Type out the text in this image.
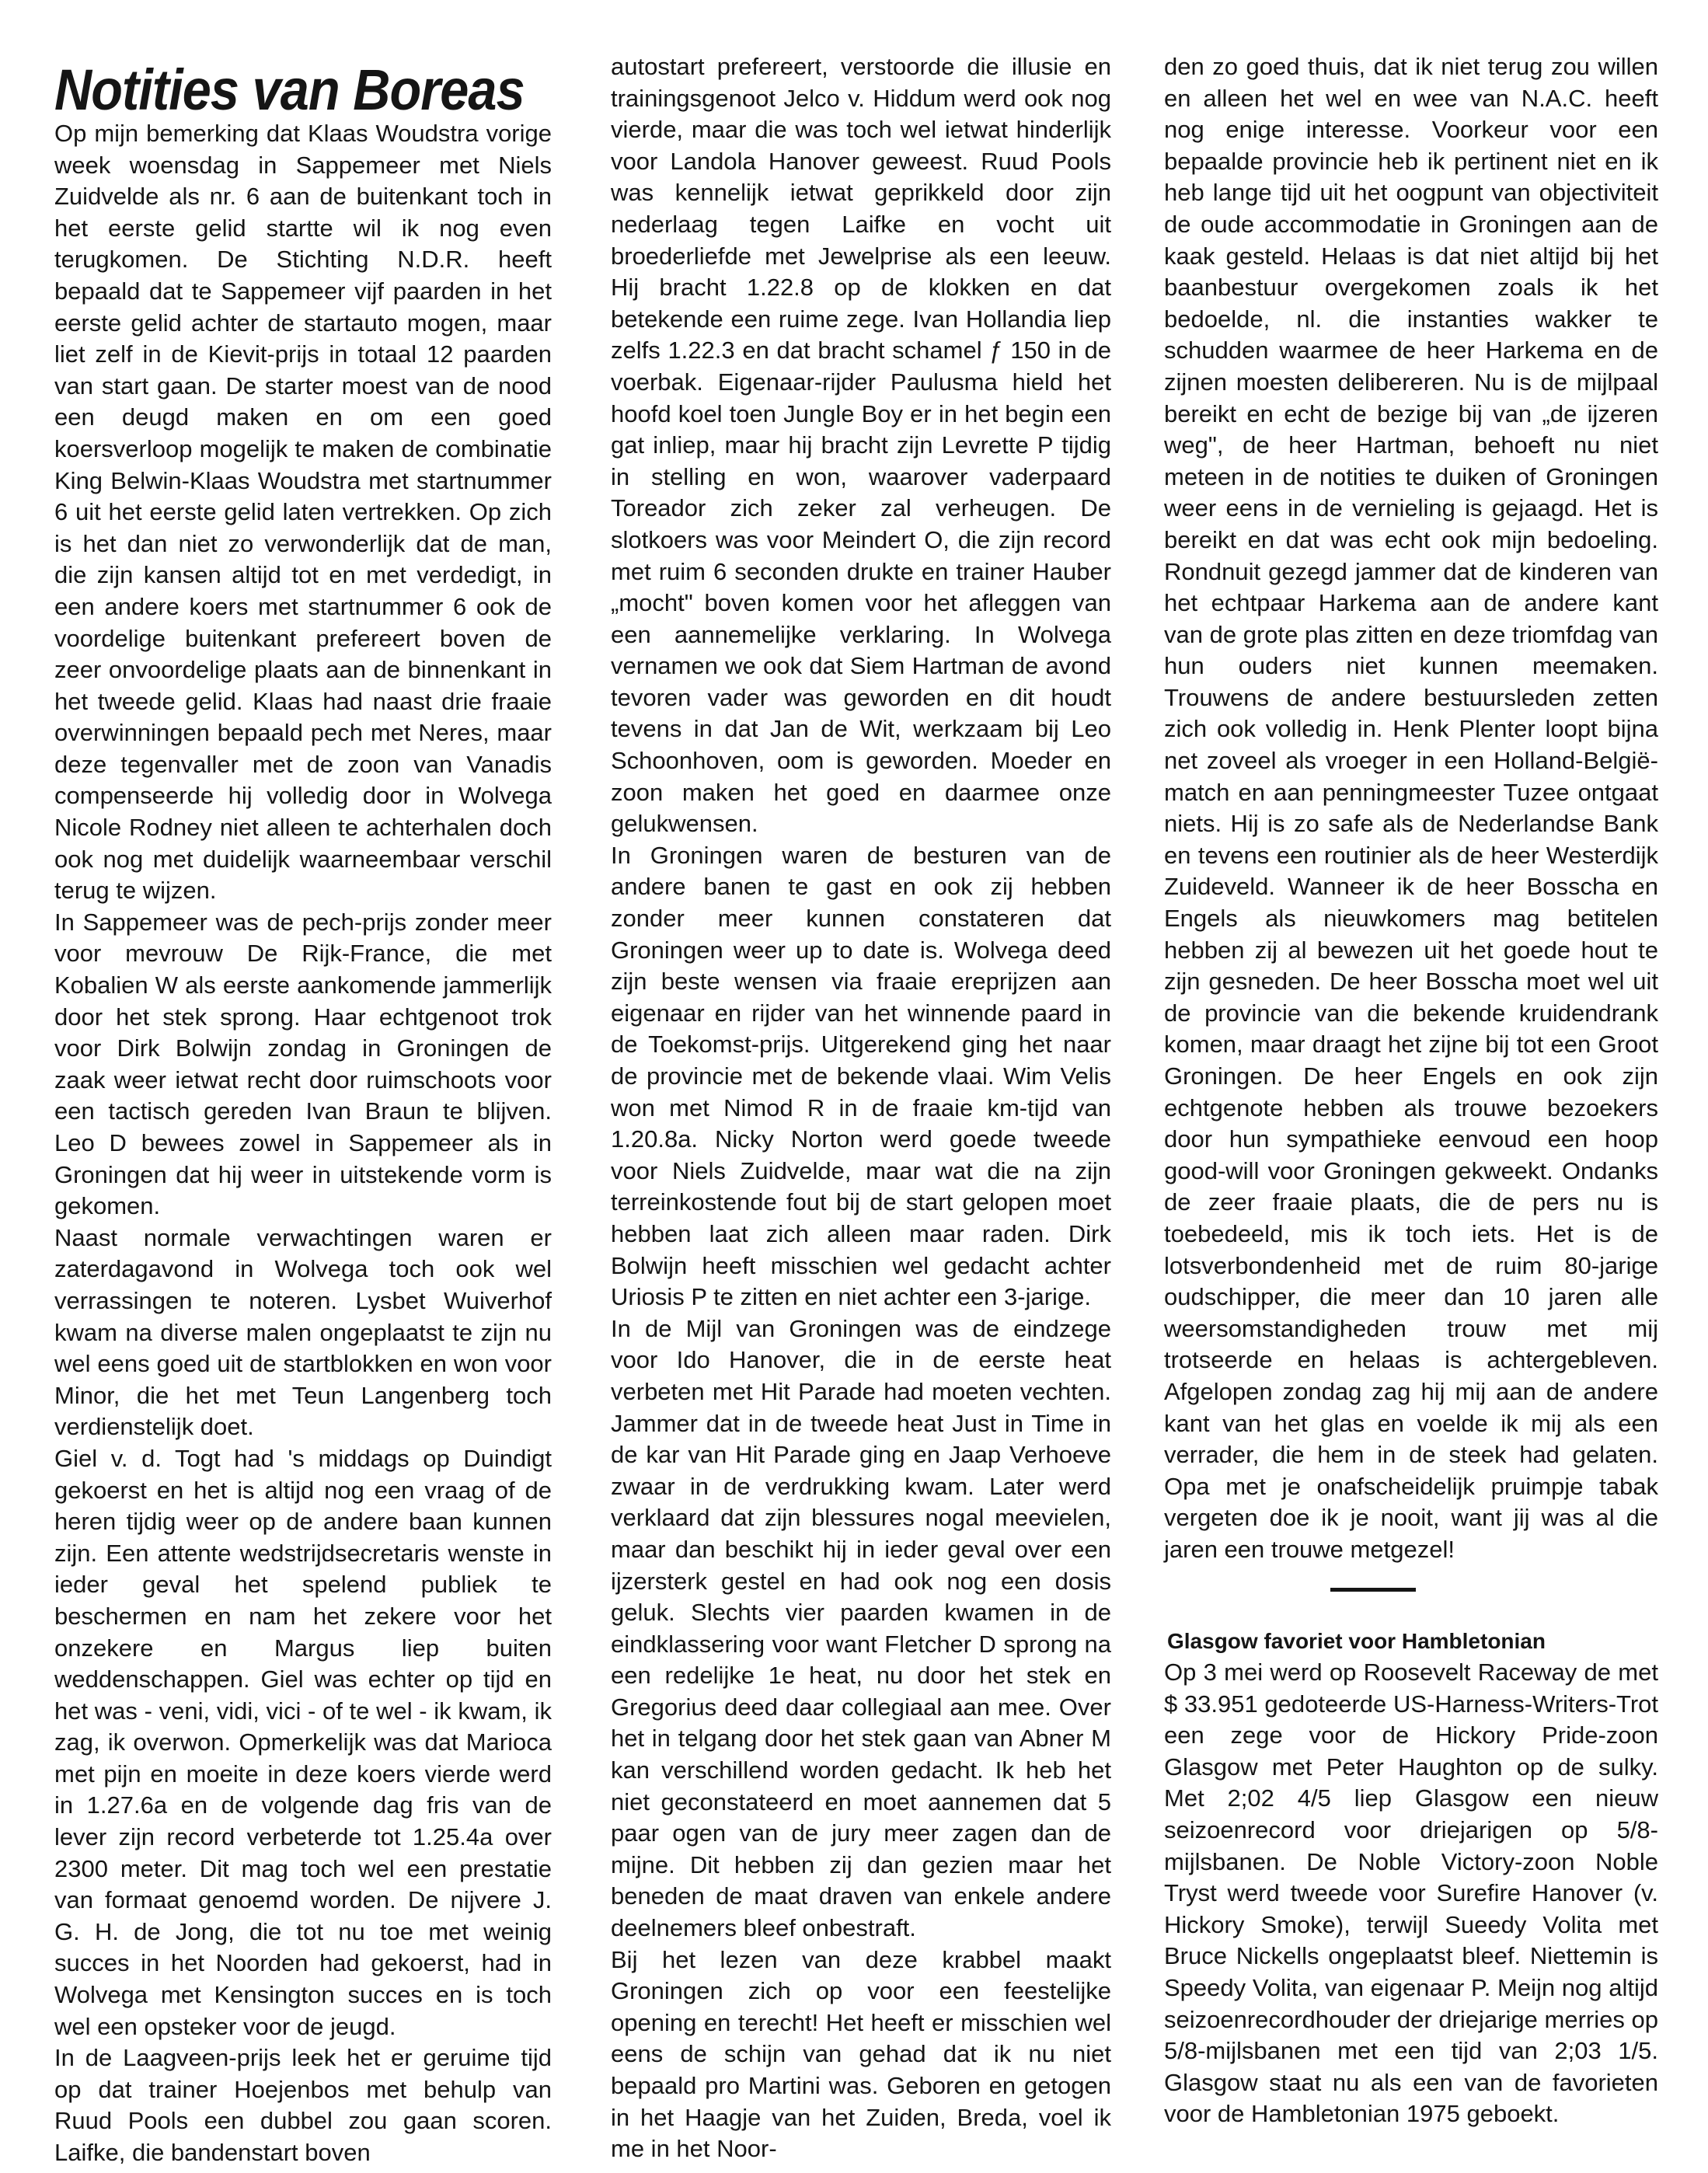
Notities van Boreas

Op mijn bemerking dat Klaas Woudstra vorige week woensdag in Sappemeer met Niels Zuidvelde als nr. 6 aan de buitenkant toch in het eerste gelid startte wil ik nog even terugkomen. De Stichting N.D.R. heeft bepaald dat te Sappemeer vijf paarden in het eerste gelid achter de startauto mogen, maar liet zelf in de Kievit-prijs in totaal 12 paarden van start gaan. De starter moest van de nood een deugd maken en om een goed koersverloop mogelijk te maken de combinatie King Belwin-Klaas Woudstra met startnummer 6 uit het eerste gelid laten vertrekken. Op zich is het dan niet zo verwonderlijk dat de man, die zijn kansen altijd tot en met verdedigt, in een andere koers met startnummer 6 ook de voordelige buitenkant prefereert boven de zeer onvoordelige plaats aan de binnenkant in het tweede gelid. Klaas had naast drie fraaie overwinningen bepaald pech met Neres, maar deze tegenvaller met de zoon van Vanadis compenseerde hij volledig door in Wolvega Nicole Rodney niet alleen te achterhalen doch ook nog met duidelijk waarneembaar verschil terug te wijzen.

In Sappemeer was de pech-prijs zonder meer voor mevrouw De Rijk-France, die met Kobalien W als eerste aankomende jammerlijk door het stek sprong. Haar echtgenoot trok voor Dirk Bolwijn zondag in Groningen de zaak weer ietwat recht door ruimschoots voor een tactisch gereden Ivan Braun te blijven. Leo D bewees zowel in Sappemeer als in Groningen dat hij weer in uitstekende vorm is gekomen.

Naast normale verwachtingen waren er zaterdagavond in Wolvega toch ook wel verrassingen te noteren. Lysbet Wuiverhof kwam na diverse malen ongeplaatst te zijn nu wel eens goed uit de startblokken en won voor Minor, die het met Teun Langenberg toch verdienstelijk doet.

Giel v. d. Togt had 's middags op Duindigt gekoerst en het is altijd nog een vraag of de heren tijdig weer op de andere baan kunnen zijn. Een attente wedstrijdsecretaris wenste in ieder geval het spelend publiek te beschermen en nam het zekere voor het onzekere en Margus liep buiten weddenschappen. Giel was echter op tijd en het was - veni, vidi, vici - of te wel - ik kwam, ik zag, ik overwon. Opmerkelijk was dat Marioca met pijn en moeite in deze koers vierde werd in 1.27.6a en de volgende dag fris van de lever zijn record verbeterde tot 1.25.4a over 2300 meter. Dit mag toch wel een prestatie van formaat genoemd worden. De nijvere J. G. H. de Jong, die tot nu toe met weinig succes in het Noorden had gekoerst, had in Wolvega met Kensington succes en is toch wel een opsteker voor de jeugd.

In de Laagveen-prijs leek het er geruime tijd op dat trainer Hoejenbos met behulp van Ruud Pools een dubbel zou gaan scoren. Laifke, die bandenstart boven

autostart prefereert, verstoorde die illusie en trainingsgenoot Jelco v. Hiddum werd ook nog vierde, maar die was toch wel ietwat hinderlijk voor Landola Hanover geweest. Ruud Pools was kennelijk ietwat geprikkeld door zijn nederlaag tegen Laifke en vocht uit broederliefde met Jewelprise als een leeuw. Hij bracht 1.22.8 op de klokken en dat betekende een ruime zege. Ivan Hollandia liep zelfs 1.22.3 en dat bracht schamel ƒ 150 in de voerbak. Eigenaar-rijder Paulusma hield het hoofd koel toen Jungle Boy er in het begin een gat inliep, maar hij bracht zijn Levrette P tijdig in stelling en won, waarover vaderpaard Toreador zich zeker zal verheugen. De slotkoers was voor Meindert O, die zijn record met ruim 6 seconden drukte en trainer Hauber „mocht" boven komen voor het afleggen van een aannemelijke verklaring. In Wolvega vernamen we ook dat Siem Hartman de avond tevoren vader was geworden en dit houdt tevens in dat Jan de Wit, werkzaam bij Leo Schoonhoven, oom is geworden. Moeder en zoon maken het goed en daarmee onze gelukwensen.

In Groningen waren de besturen van de andere banen te gast en ook zij hebben zonder meer kunnen constateren dat Groningen weer up to date is. Wolvega deed zijn beste wensen via fraaie ereprijzen aan eigenaar en rijder van het winnende paard in de Toekomst-prijs. Uitgerekend ging het naar de provincie met de bekende vlaai. Wim Velis won met Nimod R in de fraaie km-tijd van 1.20.8a. Nicky Norton werd goede tweede voor Niels Zuidvelde, maar wat die na zijn terreinkostende fout bij de start gelopen moet hebben laat zich alleen maar raden. Dirk Bolwijn heeft misschien wel gedacht achter Uriosis P te zitten en niet achter een 3-jarige.

In de Mijl van Groningen was de eindzege voor Ido Hanover, die in de eerste heat verbeten met Hit Parade had moeten vechten. Jammer dat in de tweede heat Just in Time in de kar van Hit Parade ging en Jaap Verhoeve zwaar in de verdrukking kwam. Later werd verklaard dat zijn blessures nogal meevielen, maar dan beschikt hij in ieder geval over een ijzersterk gestel en had ook nog een dosis geluk. Slechts vier paarden kwamen in de eindklassering voor want Fletcher D sprong na een redelijke 1e heat, nu door het stek en Gregorius deed daar collegiaal aan mee. Over het in telgang door het stek gaan van Abner M kan verschillend worden gedacht. Ik heb het niet geconstateerd en moet aannemen dat 5 paar ogen van de jury meer zagen dan de mijne. Dit hebben zij dan gezien maar het beneden de maat draven van enkele andere deelnemers bleef onbestraft.

Bij het lezen van deze krabbel maakt Groningen zich op voor een feestelijke opening en terecht! Het heeft er misschien wel eens de schijn van gehad dat ik nu niet bepaald pro Martini was. Geboren en getogen in het Haagje van het Zuiden, Breda, voel ik me in het Noor-

den zo goed thuis, dat ik niet terug zou willen en alleen het wel en wee van N.A.C. heeft nog enige interesse. Voorkeur voor een bepaalde provincie heb ik pertinent niet en ik heb lange tijd uit het oogpunt van objectiviteit de oude accommodatie in Groningen aan de kaak gesteld. Helaas is dat niet altijd bij het baanbestuur overgekomen zoals ik het bedoelde, nl. die instanties wakker te schudden waarmee de heer Harkema en de zijnen moesten delibereren. Nu is de mijlpaal bereikt en echt de bezige bij van „de ijzeren weg", de heer Hartman, behoeft nu niet meteen in de notities te duiken of Groningen weer eens in de vernieling is gejaagd. Het is bereikt en dat was echt ook mijn bedoeling. Rondnuit gezegd jammer dat de kinderen van het echtpaar Harkema aan de andere kant van de grote plas zitten en deze triomfdag van hun ouders niet kunnen meemaken. Trouwens de andere bestuursleden zetten zich ook volledig in. Henk Plenter loopt bijna net zoveel als vroeger in een Holland-België-match en aan penningmeester Tuzee ontgaat niets. Hij is zo safe als de Nederlandse Bank en tevens een routinier als de heer Westerdijk Zuideveld. Wanneer ik de heer Bosscha en Engels als nieuwkomers mag betitelen hebben zij al bewezen uit het goede hout te zijn gesneden. De heer Bosscha moet wel uit de provincie van die bekende kruidendrank komen, maar draagt het zijne bij tot een Groot Groningen. De heer Engels en ook zijn echtgenote hebben als trouwe bezoekers door hun sympathieke eenvoud een hoop good-will voor Groningen gekweekt. Ondanks de zeer fraaie plaats, die de pers nu is toebedeeld, mis ik toch iets. Het is de lotsverbondenheid met de ruim 80-jarige oudschipper, die meer dan 10 jaren alle weersomstandigheden trouw met mij trotseerde en helaas is achtergebleven. Afgelopen zondag zag hij mij aan de andere kant van het glas en voelde ik mij als een verrader, die hem in de steek had gelaten. Opa met je onafscheidelijk pruimpje tabak vergeten doe ik je nooit, want jij was al die jaren een trouwe metgezel!

Glasgow favoriet voor Hambletonian

Op 3 mei werd op Roosevelt Raceway de met $ 33.951 gedoteerde US-Harness-Writers-Trot een zege voor de Hickory Pride-zoon Glasgow met Peter Haughton op de sulky. Met 2;02 4/5 liep Glasgow een nieuw seizoenrecord voor driejarigen op 5/8-mijlsbanen. De Noble Victory-zoon Noble Tryst werd tweede voor Surefire Hanover (v. Hickory Smoke), terwijl Sueedy Volita met Bruce Nickells ongeplaatst bleef. Niettemin is Speedy Volita, van eigenaar P. Meijn nog altijd seizoenrecordhouder der driejarige merries op 5/8-mijlsbanen met een tijd van 2;03 1/5. Glasgow staat nu als een van de favorieten voor de Hambletonian 1975 geboekt.
